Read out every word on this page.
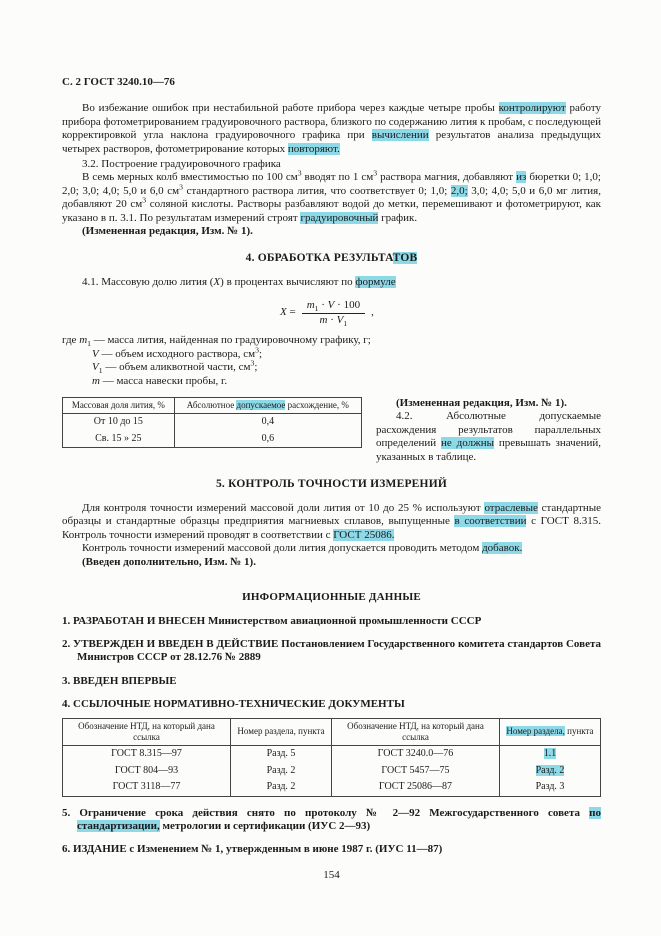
С. 2 ГОСТ 3240.10—76

Во избежание ошибок при нестабильной работе прибора через каждые четыре пробы контролируют работу прибора фотометрированием градуировочного раствора, близкого по содержанию лития к пробам, с последующей корректировкой угла наклона градуировочного графика при вычислении результатов анализа предыдущих четырех растворов, фотометрирование которых повторяют.

3.2. Построение градуировочного графика

В семь мерных колб вместимостью по 100 $см^3$ вводят по 1 $см^3$ раствора магния, добавляют из бюретки 0; 1,0; 2,0; 3,0; 4,0; 5,0 и 6,0 $см^3$ стандартного раствора лития, что соответствует 0; 1,0; 2,0; 3,0; 4,0; 5,0 и 6,0 мг лития, добавляют 20 $см^3$ соляной кислоты. Растворы разбавляют водой до метки, перемешивают и фотометрируют, как указано в п. 3.1. По результатам измерений строят градуировочный график.

(Измененная редакция, Изм. № 1).

4. ОБРАБОТКА РЕЗУЛЬТАТОВ

4.1. Массовую долю лития (X) в процентах вычисляют по формуле

$X = \frac{m_1 \cdot V \cdot 100}{m \cdot V_1}$ ,
где $m_1$ — масса лития, найденная по градуировочному графику, г;
V — объем исходного раствора, $см^3$;
$V_1$ — объем аликвотной части, $см^3$;
m — масса навески пробы, г.
Массовая доля лития, %	Абсолютное допускаемое расхождение, %
От 10 до 15	0,4
Св. 15 » 25	0,6

(Измененная редакция, Изм. № 1).

4.2. Абсолютные допускаемые расхождения результатов параллельных определений не должны превышать значений, указанных в таблице.

5. КОНТРОЛЬ ТОЧНОСТИ ИЗМЕРЕНИЙ

Для контроля точности измерений массовой доли лития от 10 до 25 % используют отраслевые стандартные образцы и стандартные образцы предприятия магниевых сплавов, выпущенные в соответствии с ГОСТ 8.315. Контроль точности измерений проводят в соответствии с ГОСТ 25086.

Контроль точности измерений массовой доли лития допускается проводить методом добавок.

(Введен дополнительно, Изм. № 1).

ИНФОРМАЦИОННЫЕ ДАННЫЕ

1. РАЗРАБОТАН И ВНЕСЕН Министерством авиационной промышленности СССР

2. УТВЕРЖДЕН И ВВЕДЕН В ДЕЙСТВИЕ Постановлением Государственного комитета стандартов Совета Министров СССР от 28.12.76 № 2889

3. ВВЕДЕН ВПЕРВЫЕ

4. ССЫЛОЧНЫЕ НОРМАТИВНО-ТЕХНИЧЕСКИЕ ДОКУМЕНТЫ

Обозначение НТД, на который дана ссылка	Номер раздела, пункта	Обозначение НТД, на который дана ссылка	Номер раздела, пункта
ГОСТ 8.315—97	Разд. 5	ГОСТ 3240.0—76	1.1
ГОСТ 804—93	Разд. 2	ГОСТ 5457—75	Разд. 2
ГОСТ 3118—77	Разд. 2	ГОСТ 25086—87	Разд. 3

5. Ограничение срока действия снято по протоколу № 2—92 Межгосударственного совета по стандартизации, метрологии и сертификации (ИУС 2—93)

6. ИЗДАНИЕ с Изменением № 1, утвержденным в июне 1987 г. (ИУС 11—87)

154
